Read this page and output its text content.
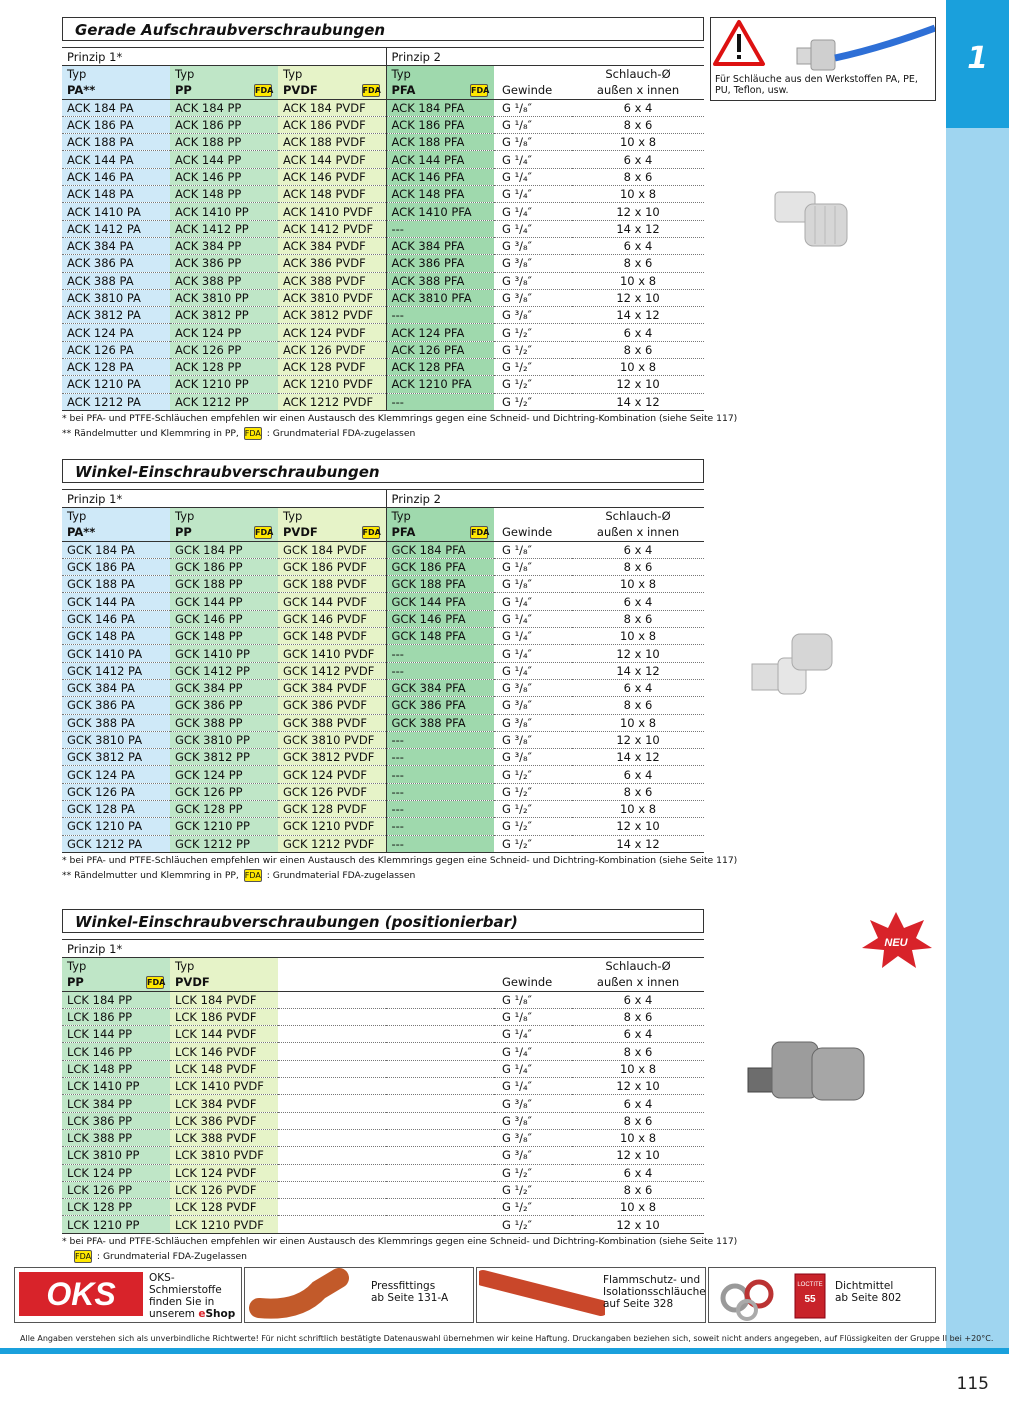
1
115
Für Schläuche aus den Werkstoffen PA, PE, PU, Teflon, usw.
NEU
Gerade Aufschraubverschraubungen
Prinzip 1*			Prinzip 2		
Typ	Typ	Typ	Typ		Schlauch-Ø
PA**	PP FDA	PVDF FDA	PFA FDA	Gewinde	außen x innen
ACK 184 PA	ACK 184 PP	ACK 184 PVDF	ACK 184 PFA	G ¹/₈″	6 x 4
ACK 186 PA	ACK 186 PP	ACK 186 PVDF	ACK 186 PFA	G ¹/₈″	8 x 6
ACK 188 PA	ACK 188 PP	ACK 188 PVDF	ACK 188 PFA	G ¹/₈″	10 x 8
ACK 144 PA	ACK 144 PP	ACK 144 PVDF	ACK 144 PFA	G ¹/₄″	6 x 4
ACK 146 PA	ACK 146 PP	ACK 146 PVDF	ACK 146 PFA	G ¹/₄″	8 x 6
ACK 148 PA	ACK 148 PP	ACK 148 PVDF	ACK 148 PFA	G ¹/₄″	10 x 8
ACK 1410 PA	ACK 1410 PP	ACK 1410 PVDF	ACK 1410 PFA	G ¹/₄″	12 x 10
ACK 1412 PA	ACK 1412 PP	ACK 1412 PVDF	---	G ¹/₄″	14 x 12
ACK 384 PA	ACK 384 PP	ACK 384 PVDF	ACK 384 PFA	G ³/₈″	6 x 4
ACK 386 PA	ACK 386 PP	ACK 386 PVDF	ACK 386 PFA	G ³/₈″	8 x 6
ACK 388 PA	ACK 388 PP	ACK 388 PVDF	ACK 388 PFA	G ³/₈″	10 x 8
ACK 3810 PA	ACK 3810 PP	ACK 3810 PVDF	ACK 3810 PFA	G ³/₈″	12 x 10
ACK 3812 PA	ACK 3812 PP	ACK 3812 PVDF	---	G ³/₈″	14 x 12
ACK 124 PA	ACK 124 PP	ACK 124 PVDF	ACK 124 PFA	G ¹/₂″	6 x 4
ACK 126 PA	ACK 126 PP	ACK 126 PVDF	ACK 126 PFA	G ¹/₂″	8 x 6
ACK 128 PA	ACK 128 PP	ACK 128 PVDF	ACK 128 PFA	G ¹/₂″	10 x 8
ACK 1210 PA	ACK 1210 PP	ACK 1210 PVDF	ACK 1210 PFA	G ¹/₂″	12 x 10
ACK 1212 PA	ACK 1212 PP	ACK 1212 PVDF	---	G ¹/₂″	14 x 12
* bei PFA- und PTFE-Schläuchen empfehlen wir einen Austausch des Klemmrings gegen eine Schneid- und Dichtring-Kombination (siehe Seite 117)
** Rändelmutter und Klemmring in PP, FDA : Grundmaterial FDA-zugelassen
Winkel-Einschraubverschraubungen
Prinzip 1*			Prinzip 2		
Typ	Typ	Typ	Typ		Schlauch-Ø
PA**	PP FDA	PVDF FDA	PFA FDA	Gewinde	außen x innen
GCK 184 PA	GCK 184 PP	GCK 184 PVDF	GCK 184 PFA	G ¹/₈″	6 x 4
GCK 186 PA	GCK 186 PP	GCK 186 PVDF	GCK 186 PFA	G ¹/₈″	8 x 6
GCK 188 PA	GCK 188 PP	GCK 188 PVDF	GCK 188 PFA	G ¹/₈″	10 x 8
GCK 144 PA	GCK 144 PP	GCK 144 PVDF	GCK 144 PFA	G ¹/₄″	6 x 4
GCK 146 PA	GCK 146 PP	GCK 146 PVDF	GCK 146 PFA	G ¹/₄″	8 x 6
GCK 148 PA	GCK 148 PP	GCK 148 PVDF	GCK 148 PFA	G ¹/₄″	10 x 8
GCK 1410 PA	GCK 1410 PP	GCK 1410 PVDF	---	G ¹/₄″	12 x 10
GCK 1412 PA	GCK 1412 PP	GCK 1412 PVDF	---	G ¹/₄″	14 x 12
GCK 384 PA	GCK 384 PP	GCK 384 PVDF	GCK 384 PFA	G ³/₈″	6 x 4
GCK 386 PA	GCK 386 PP	GCK 386 PVDF	GCK 386 PFA	G ³/₈″	8 x 6
GCK 388 PA	GCK 388 PP	GCK 388 PVDF	GCK 388 PFA	G ³/₈″	10 x 8
GCK 3810 PA	GCK 3810 PP	GCK 3810 PVDF	---	G ³/₈″	12 x 10
GCK 3812 PA	GCK 3812 PP	GCK 3812 PVDF	---	G ³/₈″	14 x 12
GCK 124 PA	GCK 124 PP	GCK 124 PVDF	---	G ¹/₂″	6 x 4
GCK 126 PA	GCK 126 PP	GCK 126 PVDF	---	G ¹/₂″	8 x 6
GCK 128 PA	GCK 128 PP	GCK 128 PVDF	---	G ¹/₂″	10 x 8
GCK 1210 PA	GCK 1210 PP	GCK 1210 PVDF	---	G ¹/₂″	12 x 10
GCK 1212 PA	GCK 1212 PP	GCK 1212 PVDF	---	G ¹/₂″	14 x 12
* bei PFA- und PTFE-Schläuchen empfehlen wir einen Austausch des Klemmrings gegen eine Schneid- und Dichtring-Kombination (siehe Seite 117)
** Rändelmutter und Klemmring in PP, FDA : Grundmaterial FDA-zugelassen
Winkel-Einschraubverschraubungen (positionierbar)
Prinzip 1*					
Typ	Typ				Schlauch-Ø
PP FDA	PVDF			Gewinde	außen x innen
LCK 184 PP	LCK 184 PVDF			G ¹/₈″	6 x 4
LCK 186 PP	LCK 186 PVDF			G ¹/₈″	8 x 6
LCK 144 PP	LCK 144 PVDF			G ¹/₄″	6 x 4
LCK 146 PP	LCK 146 PVDF			G ¹/₄″	8 x 6
LCK 148 PP	LCK 148 PVDF			G ¹/₄″	10 x 8
LCK 1410 PP	LCK 1410 PVDF			G ¹/₄″	12 x 10
LCK 384 PP	LCK 384 PVDF			G ³/₈″	6 x 4
LCK 386 PP	LCK 386 PVDF			G ³/₈″	8 x 6
LCK 388 PP	LCK 388 PVDF			G ³/₈″	10 x 8
LCK 3810 PP	LCK 3810 PVDF			G ³/₈″	12 x 10
LCK 124 PP	LCK 124 PVDF			G ¹/₂″	6 x 4
LCK 126 PP	LCK 126 PVDF			G ¹/₂″	8 x 6
LCK 128 PP	LCK 128 PVDF			G ¹/₂″	10 x 8
LCK 1210 PP	LCK 1210 PVDF			G ¹/₂″	12 x 10
* bei PFA- und PTFE-Schläuchen empfehlen wir einen Austausch des Klemmrings gegen eine Schneid- und Dichtring-Kombination (siehe Seite 117)
FDA : Grundmaterial FDA-Zugelassen
OKS	OKS-Schmierstoffe
finden Sie in
unserem eShop
Pressfittings
ab Seite 131-A
Flammschutz- und
Isolationsschläuche
auf Seite 328
LOCTITE
55
Dichtmittel
ab Seite 802
Alle Angaben verstehen sich als unverbindliche Richtwerte! Für nicht schriftlich bestätigte Datenauswahl übernehmen wir keine Haftung. Druckangaben beziehen sich, soweit nicht anders angegeben, auf Flüssigkeiten der Gruppe II bei +20°C.
